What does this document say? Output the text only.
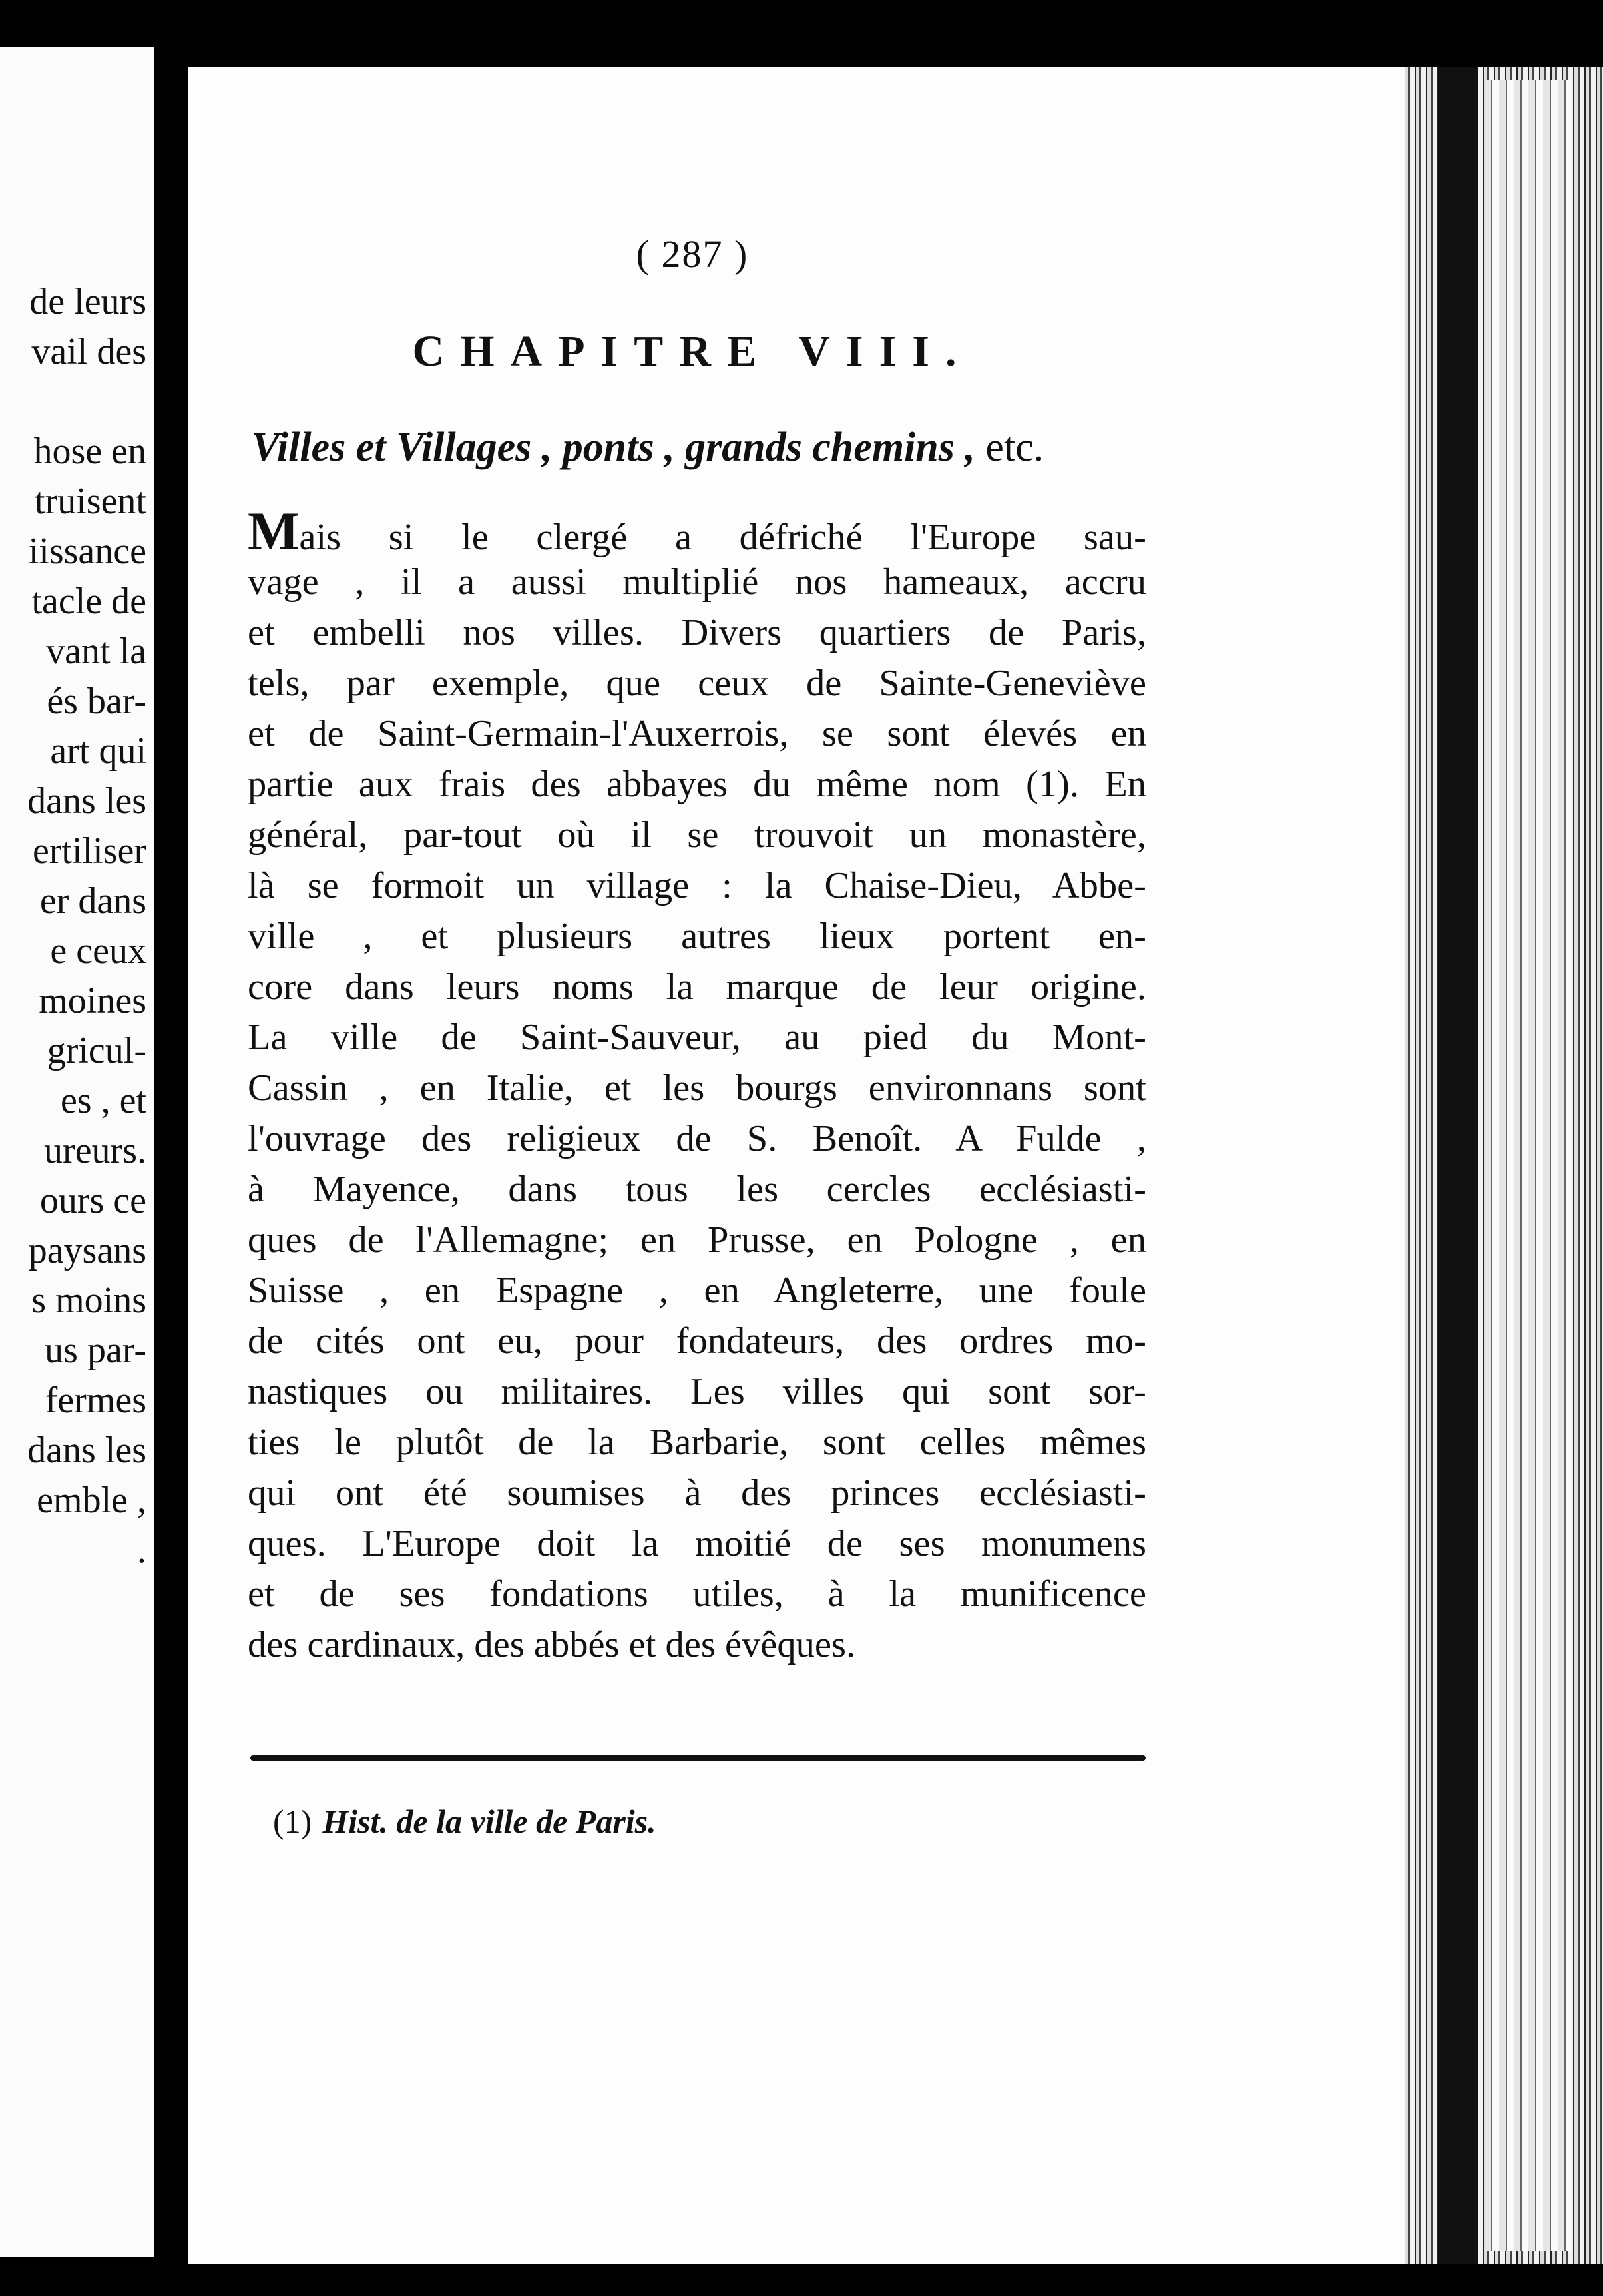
de leurs
vail des
hose en
truisent
iissance
tacle de
vant la
és bar-
art qui
dans les
ertiliser
er dans
e ceux
moines
gricul-
es , et
ureurs.
ours ce
paysans
s moins
us par-
fermes
dans les
emble ,
.
( 287 )
CHAPITRE VIII.
Villes et Villages , ponts , grands chemins , etc.
Mais si le clergé a défriché l'Europe sau-
vage , il a aussi multiplié nos hameaux, accru
et embelli nos villes. Divers quartiers de Paris,
tels, par exemple, que ceux de Sainte-Geneviève
et de Saint-Germain-l'Auxerrois, se sont élevés en
partie aux frais des abbayes du même nom (1). En
général, par-tout où il se trouvoit un monastère,
là se formoit un village : la Chaise-Dieu, Abbe-
ville , et plusieurs autres lieux portent en-
core dans leurs noms la marque de leur origine.
La ville de Saint-Sauveur, au pied du Mont-
Cassin , en Italie, et les bourgs environnans sont
l'ouvrage des religieux de S. Benoît. A Fulde ,
à Mayence, dans tous les cercles ecclésiasti-
ques de l'Allemagne; en Prusse, en Pologne , en
Suisse , en Espagne , en Angleterre, une foule
de cités ont eu, pour fondateurs, des ordres mo-
nastiques ou militaires. Les villes qui sont sor-
ties le plutôt de la Barbarie, sont celles mêmes
qui ont été soumises à des princes ecclésiasti-
ques. L'Europe doit la moitié de ses monumens
et de ses fondations utiles, à la munificence
des cardinaux, des abbés et des évêques.
(1) Hist. de la ville de Paris.
